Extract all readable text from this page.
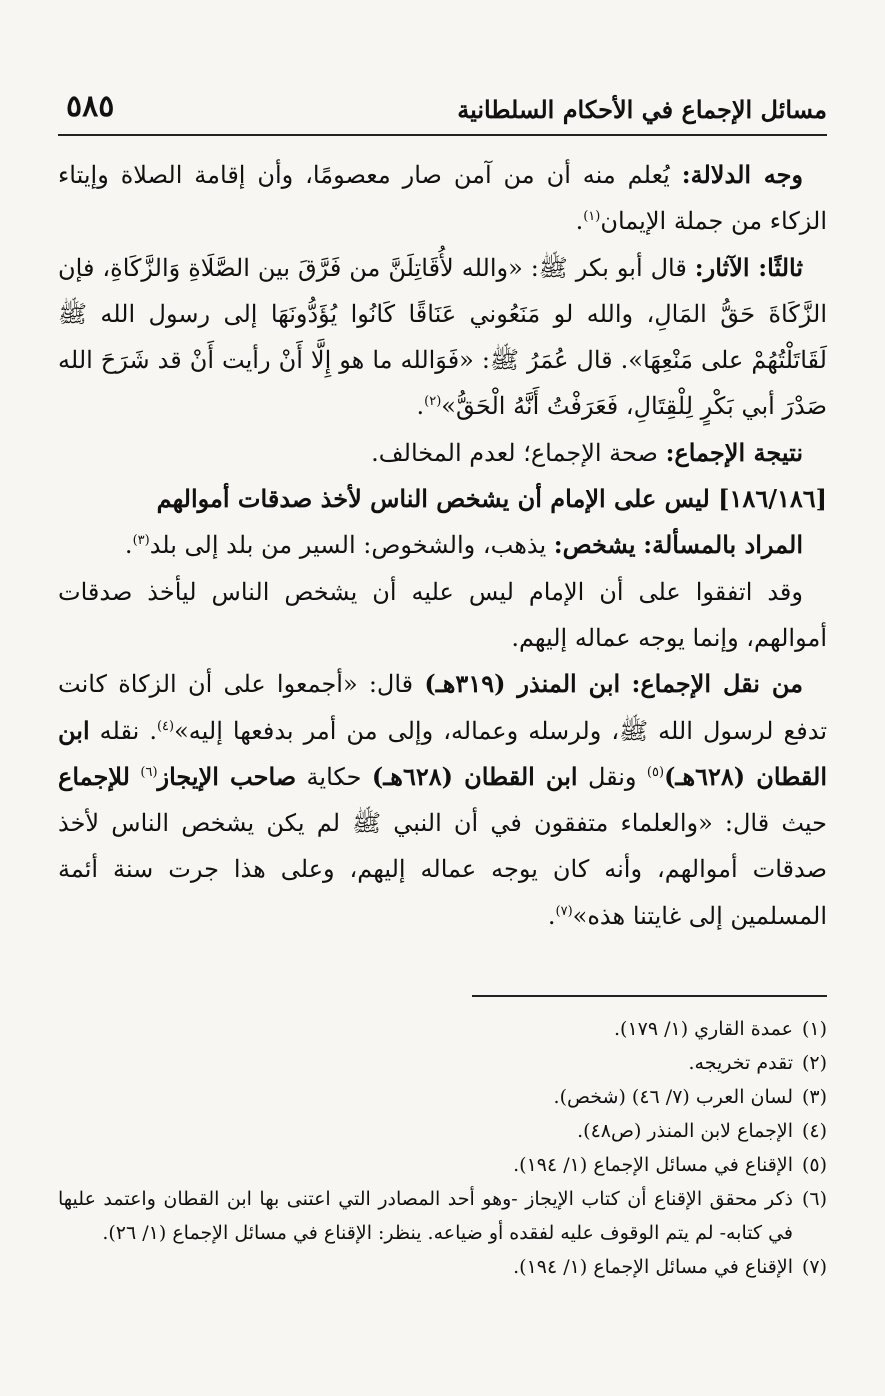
مسائل الإجماع في الأحكام السلطانية
٥٨٥

وجه الدلالة: يُعلم منه أن من آمن صار معصومًا، وأن إقامة الصلاة وإيتاء الزكاء من جملة الإيمان$^{(١)}$.

ثالثًا: الآثار: قال أبو بكر ﷺ: «والله لأُقَاتِلَنَّ من فَرَّقَ بين الصَّلَاةِ وَالزَّكَاةِ، فإن الزَّكَاةَ حَقُّ المَالِ، والله لو مَنَعُوني عَنَاقًا كَانُوا يُؤَدُّونَهَا إلى رسول الله ﷺ لَقَاتَلْتُهُمْ على مَنْعِهَا». قال عُمَرُ ﷺ: «فَوَالله ما هو إِلَّا أَنْ رأيت أَنْ قد شَرَحَ الله صَدْرَ أبي بَكْرٍ لِلْقِتَالِ، فَعَرَفْتُ أَنَّهُ الْحَقُّ»$^{(٢)}$.

نتيجة الإجماع: صحة الإجماع؛ لعدم المخالف.

[١٨٦/١٨٦] ليس على الإمام أن يشخص الناس لأخذ صدقات أموالهم

المراد بالمسألة: يشخص: يذهب، والشخوص: السير من بلد إلى بلد$^{(٣)}$.

وقد اتفقوا على أن الإمام ليس عليه أن يشخص الناس ليأخذ صدقات أموالهم، وإنما يوجه عماله إليهم.

من نقل الإجماع: ابن المنذر (٣١٩هـ) قال: «أجمعوا على أن الزكاة كانت تدفع لرسول الله ﷺ، ولرسله وعماله، وإلى من أمر بدفعها إليه»$^{(٤)}$. نقله ابن القطان (٦٢٨هـ)$^{(٥)}$ ونقل ابن القطان (٦٢٨هـ) حكاية صاحب الإيجاز$^{(٦)}$ للإجماع حيث قال: «والعلماء متفقون في أن النبي ﷺ لم يكن يشخص الناس لأخذ صدقات أموالهم، وأنه كان يوجه عماله إليهم، وعلى هذا جرت سنة أئمة المسلمين إلى غايتنا هذه»$^{(٧)}$.

(١)
عمدة القاري (١/ ١٧٩).
(٢)
تقدم تخريجه.
(٣)
لسان العرب (٧/ ٤٦) (شخص).
(٤)
الإجماع لابن المنذر (ص٤٨).
(٥)
الإقناع في مسائل الإجماع (١/ ١٩٤).
(٦)
ذكر محقق الإقناع أن كتاب الإيجاز -وهو أحد المصادر التي اعتنى بها ابن القطان واعتمد عليها في كتابه- لم يتم الوقوف عليه لفقده أو ضياعه. ينظر: الإقناع في مسائل الإجماع (١/ ٢٦).
(٧)
الإقناع في مسائل الإجماع (١/ ١٩٤).
